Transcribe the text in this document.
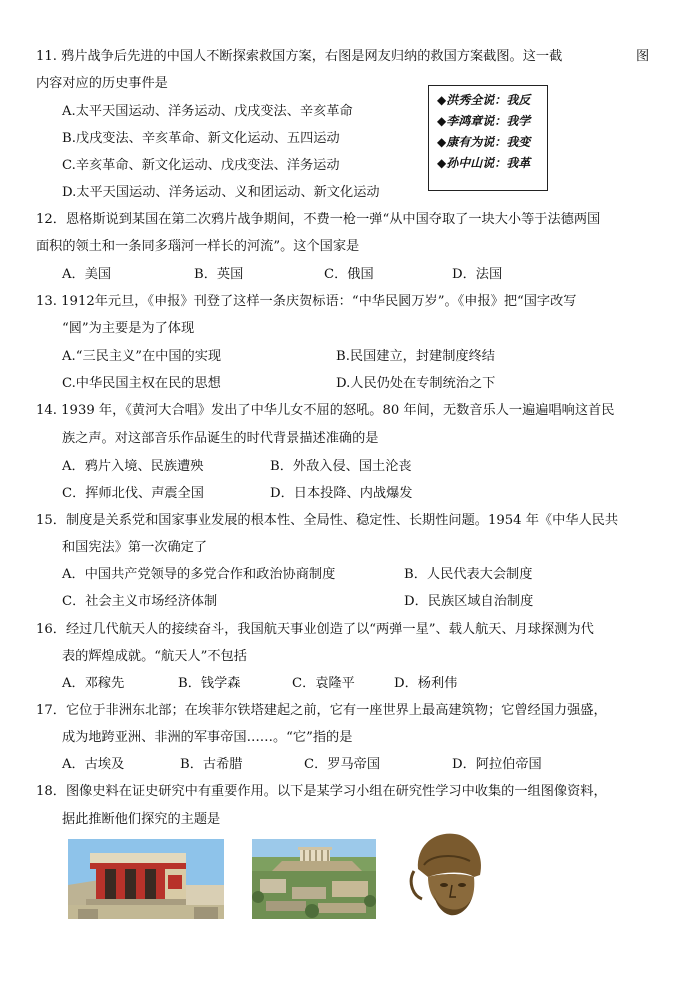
11. 鸦片战争后先进的中国人不断探索救国方案，右图是网友归纳的救国方案截图。这一截	图
内容对应的历史事件是
A.太平天国运动、洋务运动、戊戌变法、辛亥革命
B.戊戌变法、辛亥革命、新文化运动、五四运动
C.辛亥革命、新文化运动、戊戌变法、洋务运动
D.太平天国运动、洋务运动、义和团运动、新文化运动
◆洪秀全说：我反
◆李鸿章说：我学
◆康有为说：我变
◆孙中山说：我革
12．恩格斯说到某国在第二次鸦片战争期间，不费一枪一弹“从中国夺取了一块大小等于法德两国
面积的领土和一条同多瑙河一样长的河流”。这个国家是
A．美国	B．英国	C．俄国	D．法国
13. 1912年元旦，《申报》刊登了这样一条庆贺标语：“中华民囻万岁”。《申报》把“国字改写
“囻”为主要是为了体现
A.“三民主义”在中国的实现	B.民国建立，封建制度终结
C.中华民国主权在民的思想	D.人民仍处在专制统治之下
14. 1939 年，《黄河大合唱》发出了中华儿女不屈的怒吼。80 年间，无数音乐人一遍遍唱响这首民
族之声。对这部音乐作品诞生的时代背景描述准确的是
A．鸦片入境、民族遭殃	B．外敌入侵、国土沦丧
C．挥师北伐、声震全国	D．日本投降、内战爆发
15．制度是关系党和国家事业发展的根本性、全局性、稳定性、长期性问题。1954 年《中华人民共
和国宪法》第一次确定了
A．中国共产党领导的多党合作和政治协商制度	B．人民代表大会制度
C．社会主义市场经济体制	D．民族区域自治制度
16．经过几代航天人的接续奋斗，我国航天事业创造了以“两弹一星”、载人航天、月球探测为代
表的辉煌成就。“航天人”不包括
A．邓稼先	B．钱学森	C．袁隆平	D．杨利伟
17．它位于非洲东北部；在埃菲尔铁塔建起之前，它有一座世界上最高建筑物；它曾经国力强盛，
成为地跨亚洲、非洲的军事帝国……。“它”指的是
A．古埃及	B．古希腊	C．罗马帝国	D．阿拉伯帝国
18．图像史料在证史研究中有重要作用。以下是某学习小组在研究性学习中收集的一组图像资料，
据此推断他们探究的主题是
